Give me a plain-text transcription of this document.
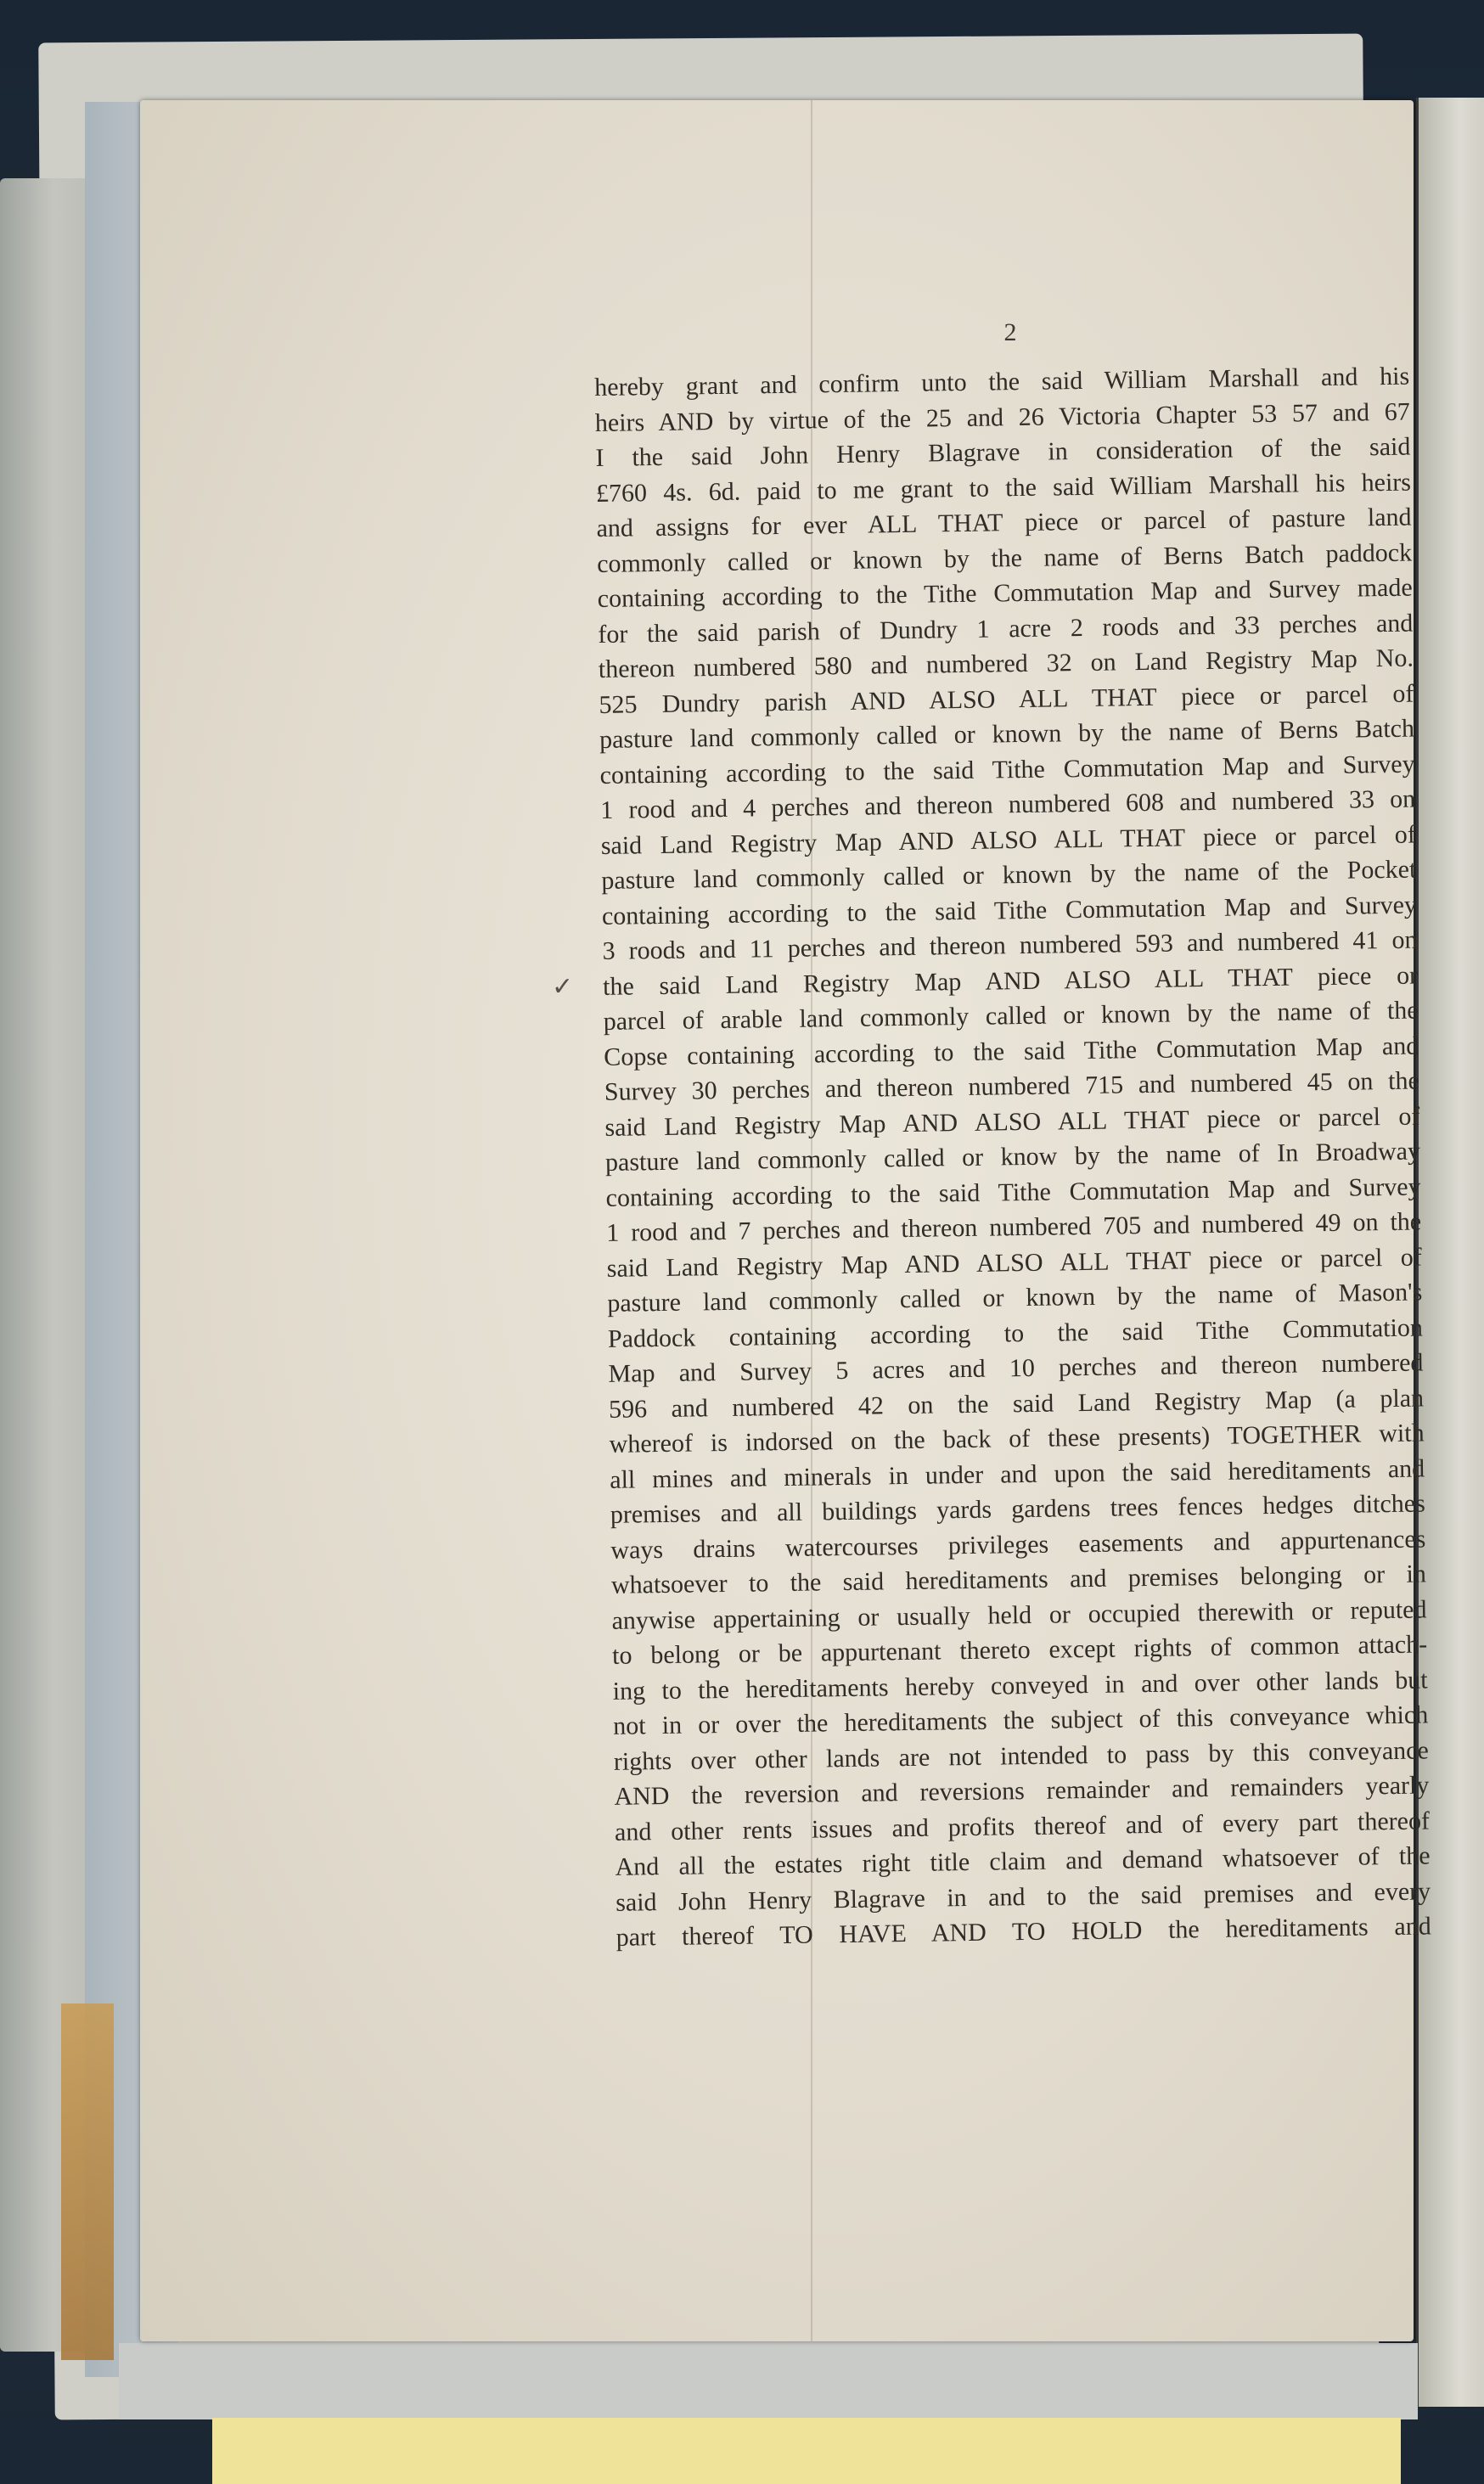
2
✓
hereby grant and confirm unto the said William Marshall and his
heirs AND by virtue of the 25 and 26 Victoria Chapter 53 57 and 67
I the said John Henry Blagrave in consideration of the said
£760 4s. 6d. paid to me grant to the said William Marshall his heirs
and assigns for ever ALL THAT piece or parcel of pasture land
commonly called or known by the name of Berns Batch paddock
containing according to the Tithe Commutation Map and Survey made
for the said parish of Dundry 1 acre 2 roods and 33 perches and
thereon numbered 580 and numbered 32 on Land Registry Map No.
525 Dundry parish AND ALSO ALL THAT piece or parcel of
pasture land commonly called or known by the name of Berns Batch
containing according to the said Tithe Commutation Map and Survey
1 rood and 4 perches and thereon numbered 608 and numbered 33 on
said Land Registry Map AND ALSO ALL THAT piece or parcel of
pasture land commonly called or known by the name of the Pocket
containing according to the said Tithe Commutation Map and Survey
3 roods and 11 perches and thereon numbered 593 and numbered 41 on
the said Land Registry Map AND ALSO ALL THAT piece or
parcel of arable land commonly called or known by the name of the
Copse containing according to the said Tithe Commutation Map and
Survey 30 perches and thereon numbered 715 and numbered 45 on the
said Land Registry Map AND ALSO ALL THAT piece or parcel of
pasture land commonly called or know by the name of In Broadway
containing according to the said Tithe Commutation Map and Survey
1 rood and 7 perches and thereon numbered 705 and numbered 49 on the
said Land Registry Map AND ALSO ALL THAT piece or parcel of
pasture land commonly called or known by the name of Mason's
Paddock containing according to the said Tithe Commutation
Map and Survey 5 acres and 10 perches and thereon numbered
596 and numbered 42 on the said Land Registry Map (a plan
whereof is indorsed on the back of these presents) TOGETHER with
all mines and minerals in under and upon the said hereditaments and
premises and all buildings yards gardens trees fences hedges ditches
ways drains watercourses privileges easements and appurtenances
whatsoever to the said hereditaments and premises belonging or in
anywise appertaining or usually held or occupied therewith or reputed
to belong or be appurtenant thereto except rights of common attach-
ing to the hereditaments hereby conveyed in and over other lands but
not in or over the hereditaments the subject of this conveyance which
rights over other lands are not intended to pass by this conveyance
AND the reversion and reversions remainder and remainders yearly
and other rents issues and profits thereof and of every part thereof
And all the estates right title claim and demand whatsoever of the
said John Henry Blagrave in and to the said premises and every
part thereof TO HAVE AND TO HOLD the hereditaments and
